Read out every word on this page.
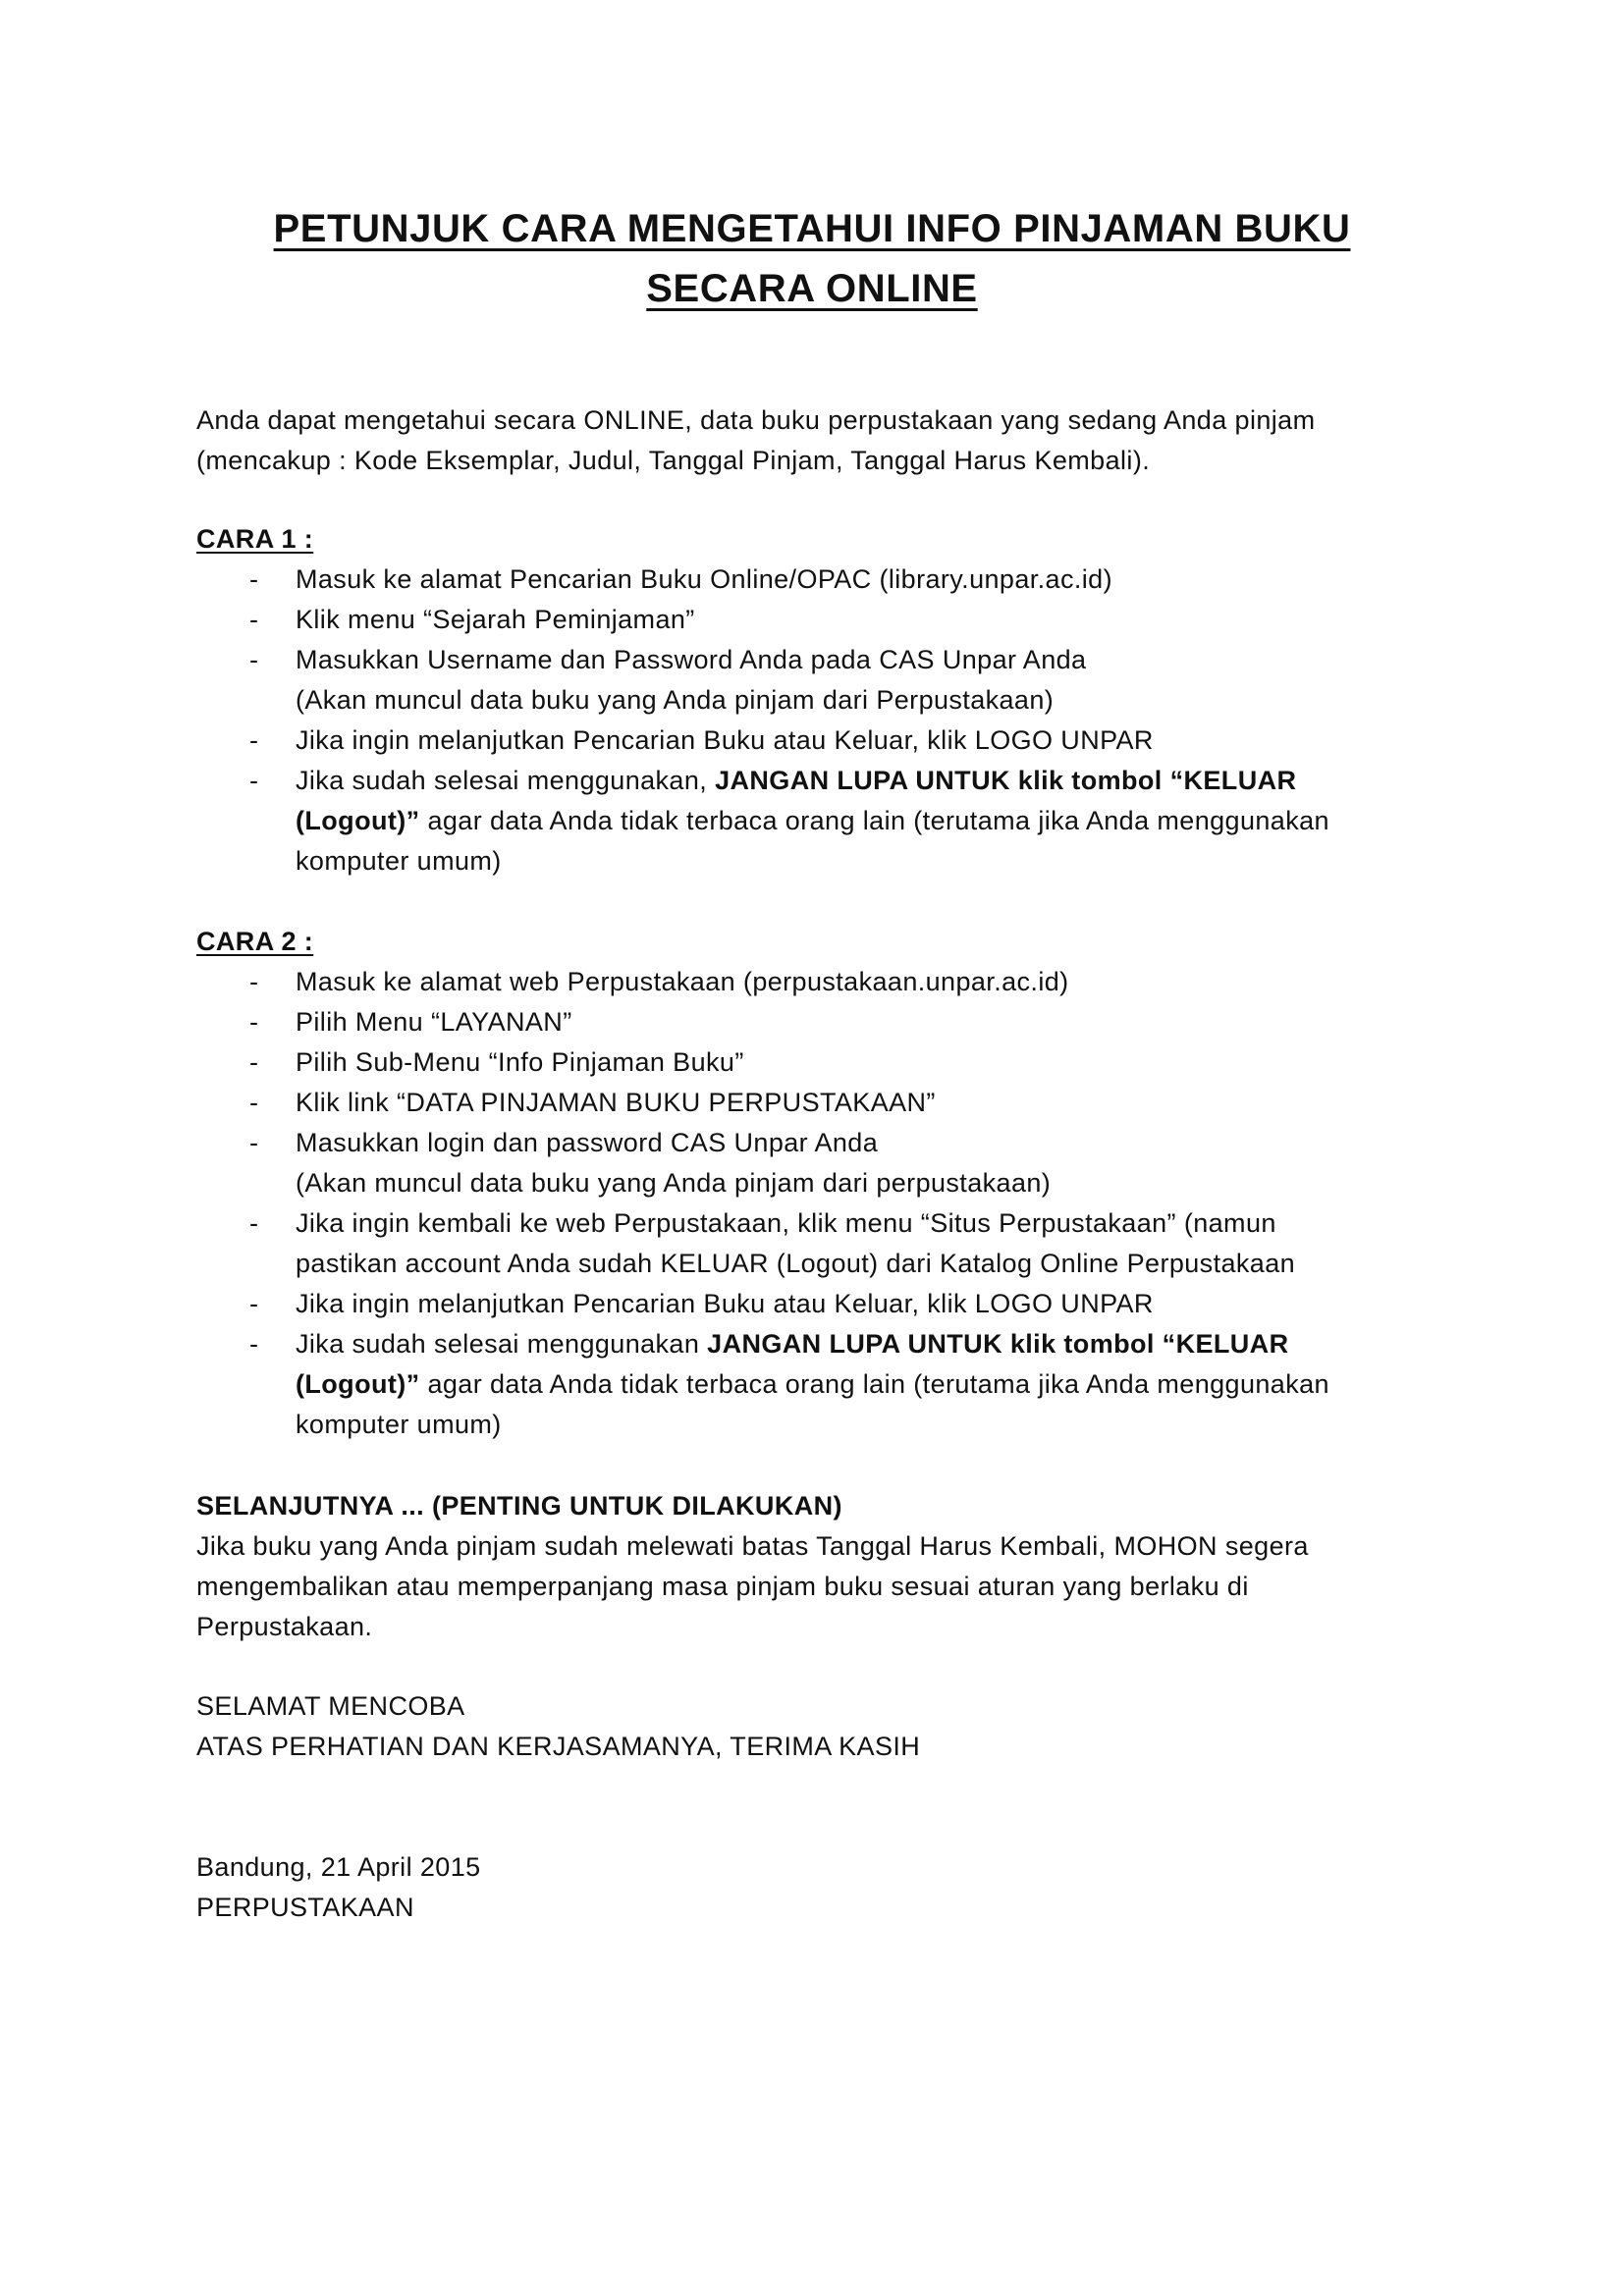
PETUNJUK CARA MENGETAHUI INFO PINJAMAN BUKU
SECARA ONLINE
Anda dapat mengetahui secara ONLINE, data buku perpustakaan yang sedang Anda pinjam
(mencakup : Kode Eksemplar, Judul, Tanggal Pinjam, Tanggal Harus Kembali).
CARA 1 :
- Masuk ke alamat Pencarian Buku Online/OPAC (library.unpar.ac.id)
- Klik menu “Sejarah Peminjaman”
- Masukkan Username dan Password Anda pada CAS Unpar Anda
(Akan muncul data buku yang Anda pinjam dari Perpustakaan)
- Jika ingin melanjutkan Pencarian Buku atau Keluar, klik LOGO UNPAR
- Jika sudah selesai menggunakan, JANGAN LUPA UNTUK klik tombol “KELUAR
(Logout)” agar data Anda tidak terbaca orang lain (terutama jika Anda menggunakan
komputer umum)
CARA 2 :
- Masuk ke alamat web Perpustakaan (perpustakaan.unpar.ac.id)
- Pilih Menu “LAYANAN”
- Pilih Sub-Menu “Info Pinjaman Buku”
- Klik link “DATA PINJAMAN BUKU PERPUSTAKAAN”
- Masukkan login dan password CAS Unpar Anda
(Akan muncul data buku yang Anda pinjam dari perpustakaan)
- Jika ingin kembali ke web Perpustakaan, klik menu “Situs Perpustakaan” (namun
pastikan account Anda sudah KELUAR (Logout) dari Katalog Online Perpustakaan
- Jika ingin melanjutkan Pencarian Buku atau Keluar, klik LOGO UNPAR
- Jika sudah selesai menggunakan JANGAN LUPA UNTUK klik tombol “KELUAR
(Logout)” agar data Anda tidak terbaca orang lain (terutama jika Anda menggunakan
komputer umum)
SELANJUTNYA ... (PENTING UNTUK DILAKUKAN)
Jika buku yang Anda pinjam sudah melewati batas Tanggal Harus Kembali, MOHON segera
mengembalikan atau memperpanjang masa pinjam buku sesuai aturan yang berlaku di
Perpustakaan.
SELAMAT MENCOBA
ATAS PERHATIAN DAN KERJASAMANYA, TERIMA KASIH
Bandung, 21 April 2015
PERPUSTAKAAN
